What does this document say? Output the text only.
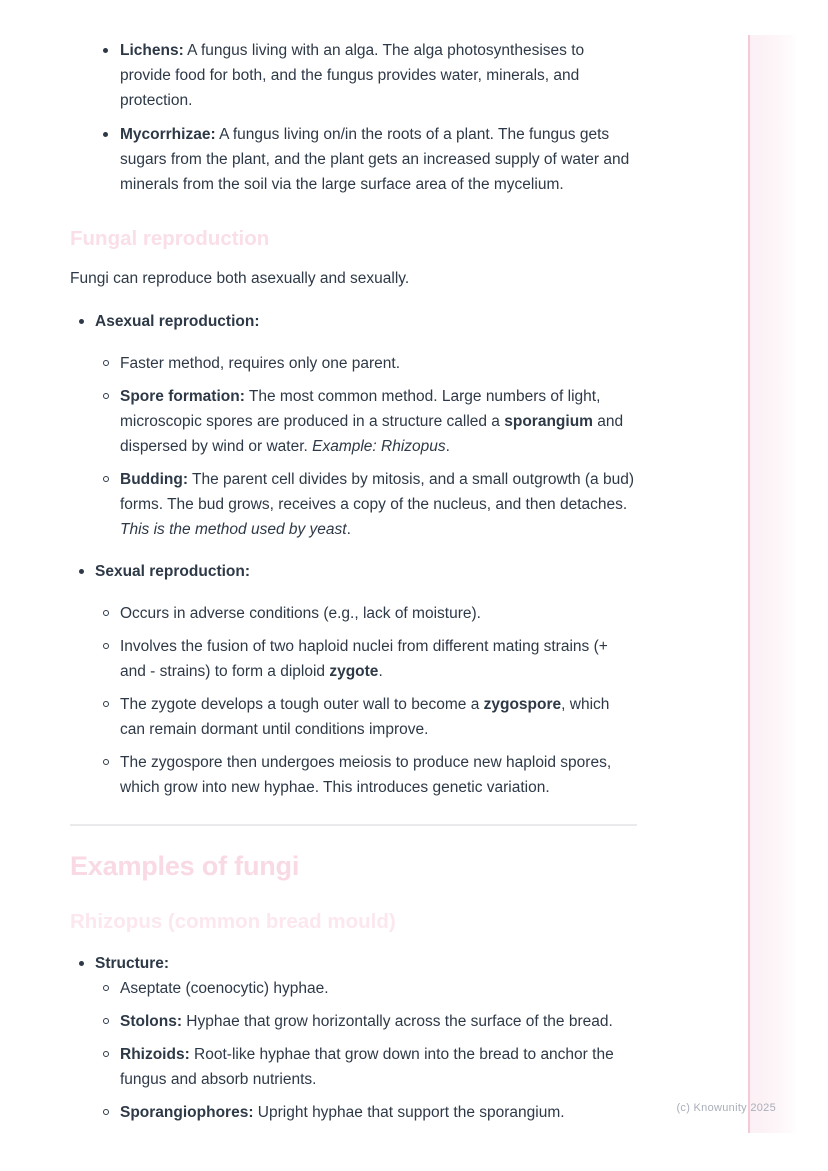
(c) Knowunity 2025
Lichens: A fungus living with an alga. The alga photosynthesises to provide food for both, and the fungus provides water, minerals, and protection.
Mycorrhizae: A fungus living on/in the roots of a plant. The fungus gets sugars from the plant, and the plant gets an increased supply of water and minerals from the soil via the large surface area of the mycelium.
Fungal reproduction
Fungi can reproduce both asexually and sexually.
Asexual reproduction:
Faster method, requires only one parent.
Spore formation: The most common method. Large numbers of light, microscopic spores are produced in a structure called a sporangium and dispersed by wind or water. Example: Rhizopus.
Budding: The parent cell divides by mitosis, and a small outgrowth (a bud) forms. The bud grows, receives a copy of the nucleus, and then detaches. This is the method used by yeast.
Sexual reproduction:
Occurs in adverse conditions (e.g., lack of moisture).
Involves the fusion of two haploid nuclei from different mating strains (+ and - strains) to form a diploid zygote.
The zygote develops a tough outer wall to become a zygospore, which can remain dormant until conditions improve.
The zygospore then undergoes meiosis to produce new haploid spores, which grow into new hyphae. This introduces genetic variation.
Examples of fungi
Rhizopus (common bread mould)
Structure:
Aseptate (coenocytic) hyphae.
Stolons: Hyphae that grow horizontally across the surface of the bread.
Rhizoids: Root-like hyphae that grow down into the bread to anchor the fungus and absorb nutrients.
Sporangiophores: Upright hyphae that support the sporangium.
